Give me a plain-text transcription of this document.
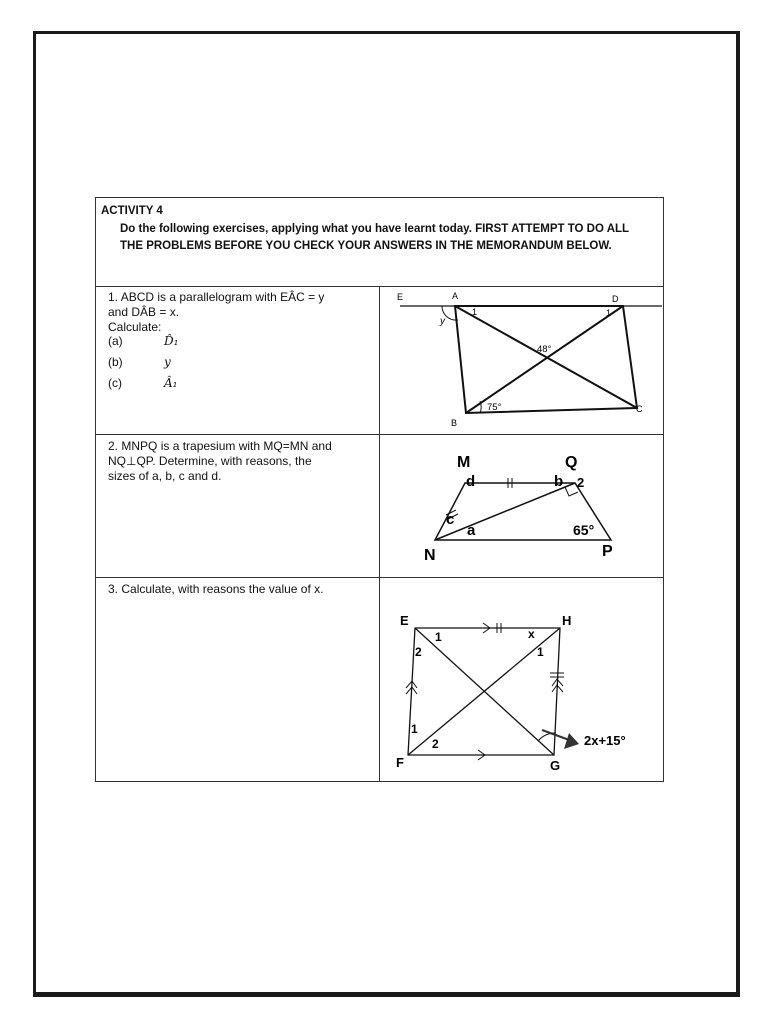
ACTIVITY 4
Do the following exercises, applying what you have learnt today. FIRST ATTEMPT TO DO ALL THE PROBLEMS BEFORE YOU CHECK YOUR ANSWERS IN THE MEMORANDUM BELOW.
1. ABCD is a parallelogram with EÂC = y
and DÂB = x.
Calculate:
(a)	D̂₁
(b)	y
(c)	Â₁
E	A	D
B
C
1	1
y
48°
75°
2. MNPQ is a trapesium with MQ=MN and
NQ⊥QP. Determine, with reasons, the
sizes of a, b, c and d.
M	Q
N	P
d	b 2
c
a	65°
3. Calculate, with reasons the value of x.
E	H
F	G
1
2
x
1
1
2	2x+15°
